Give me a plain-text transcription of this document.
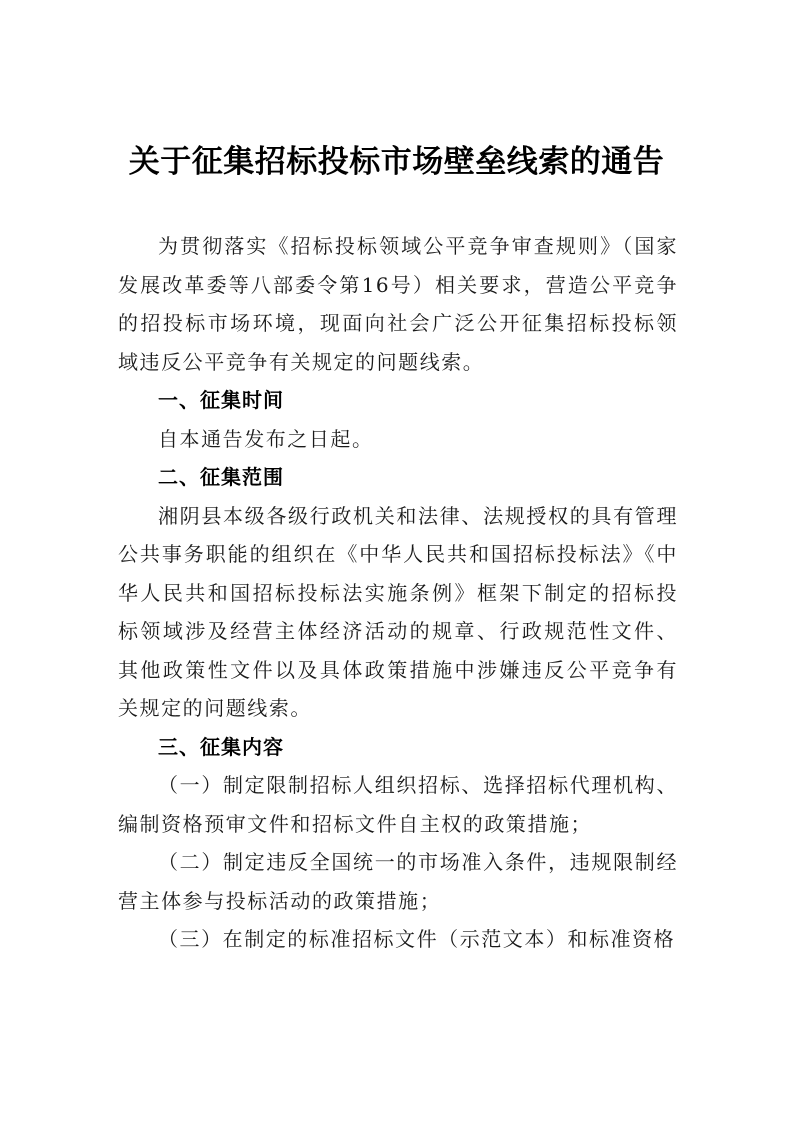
关于征集招标投标市场壁垒线索的通告

为贯彻落实《招标投标领域公平竞争审查规则》（国家发展改革委等八部委令第16号）相关要求，营造公平竞争的招投标市场环境，现面向社会广泛公开征集招标投标领域违反公平竞争有关规定的问题线索。

一、征集时间

自本通告发布之日起。

二、征集范围

湘阴县本级各级行政机关和法律、法规授权的具有管理公共事务职能的组织在《中华人民共和国招标投标法》《中华人民共和国招标投标法实施条例》框架下制定的招标投标领域涉及经营主体经济活动的规章、行政规范性文件、其他政策性文件以及具体政策措施中涉嫌违反公平竞争有关规定的问题线索。

三、征集内容

（一）制定限制招标人组织招标、选择招标代理机构、编制资格预审文件和招标文件自主权的政策措施；

（二）制定违反全国统一的市场准入条件，违规限制经营主体参与投标活动的政策措施；

（三）在制定的标准招标文件（示范文本）和标准资格
